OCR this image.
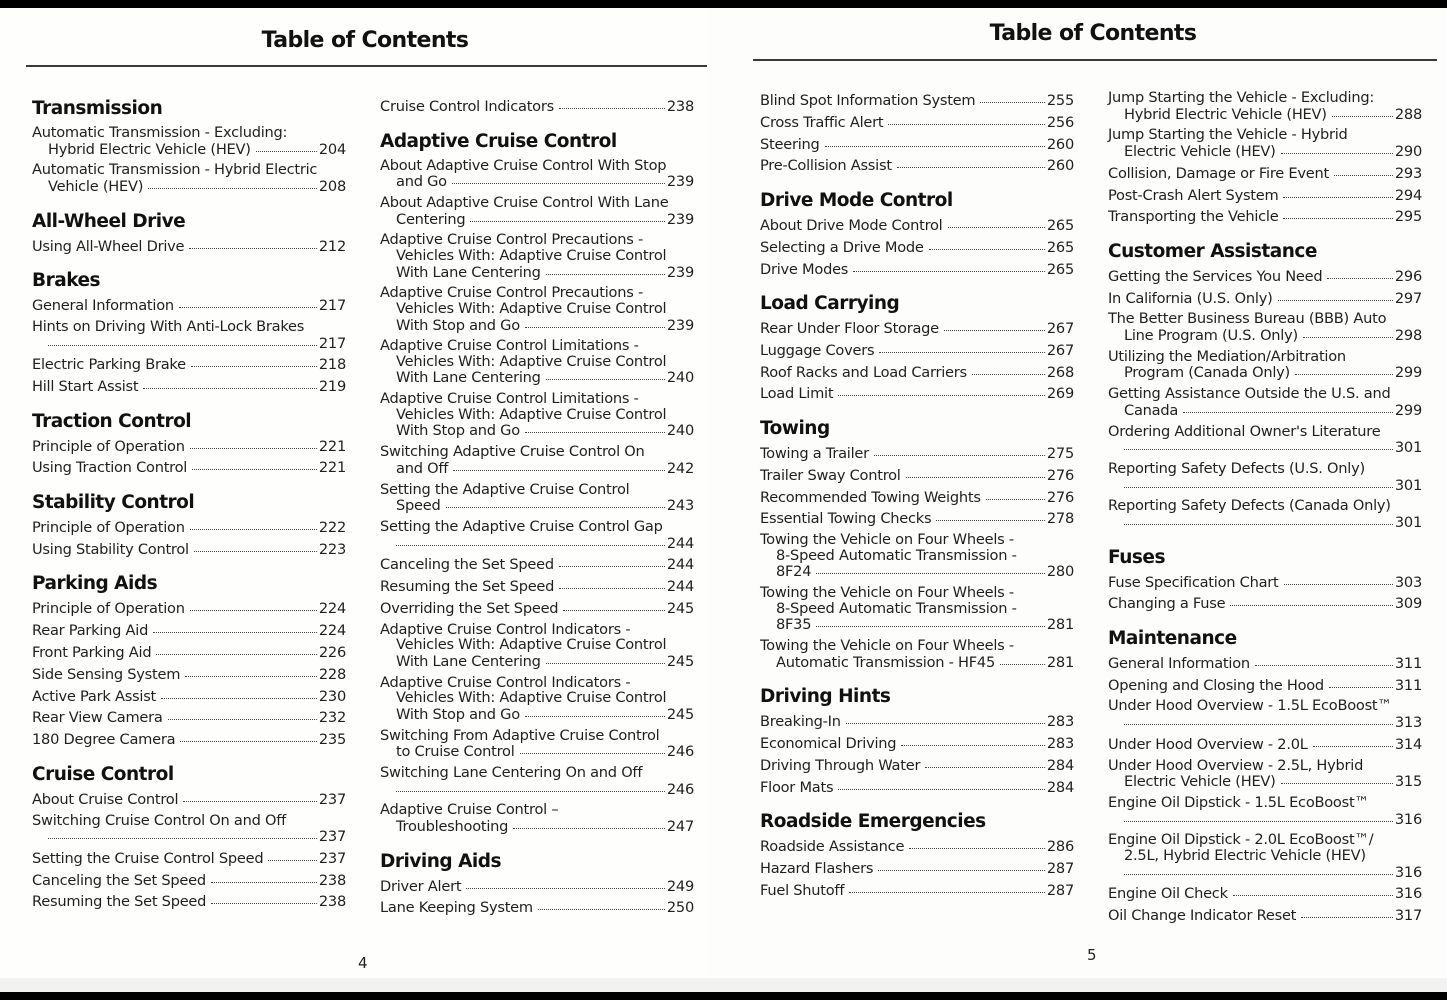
Table of Contents
Transmission
Automatic Transmission - Excluding:
Hybrid Electric Vehicle (HEV)	204
Automatic Transmission - Hybrid Electric
Vehicle (HEV)	208
All-Wheel Drive
Using All-Wheel Drive	212
Brakes
General Information	217
Hints on Driving With Anti-Lock Brakes
217
Electric Parking Brake	218
Hill Start Assist	219
Traction Control
Principle of Operation	221
Using Traction Control	221
Stability Control
Principle of Operation	222
Using Stability Control	223
Parking Aids
Principle of Operation	224
Rear Parking Aid	224
Front Parking Aid	226
Side Sensing System	228
Active Park Assist	230
Rear View Camera	232
180 Degree Camera	235
Cruise Control
About Cruise Control	237
Switching Cruise Control On and Off
237
Setting the Cruise Control Speed	237
Canceling the Set Speed	238
Resuming the Set Speed	238
Cruise Control Indicators	238
Adaptive Cruise Control
About Adaptive Cruise Control With Stop
and Go	239
About Adaptive Cruise Control With Lane
Centering	239
Adaptive Cruise Control Precautions -
Vehicles With: Adaptive Cruise Control
With Lane Centering	239
Adaptive Cruise Control Precautions -
Vehicles With: Adaptive Cruise Control
With Stop and Go	239
Adaptive Cruise Control Limitations -
Vehicles With: Adaptive Cruise Control
With Lane Centering	240
Adaptive Cruise Control Limitations -
Vehicles With: Adaptive Cruise Control
With Stop and Go	240
Switching Adaptive Cruise Control On
and Off	242
Setting the Adaptive Cruise Control
Speed	243
Setting the Adaptive Cruise Control Gap
244
Canceling the Set Speed	244
Resuming the Set Speed	244
Overriding the Set Speed	245
Adaptive Cruise Control Indicators -
Vehicles With: Adaptive Cruise Control
With Lane Centering	245
Adaptive Cruise Control Indicators -
Vehicles With: Adaptive Cruise Control
With Stop and Go	245
Switching From Adaptive Cruise Control
to Cruise Control	246
Switching Lane Centering On and Off
246
Adaptive Cruise Control –
Troubleshooting	247
Driving Aids
Driver Alert	249
Lane Keeping System	250
4
Table of Contents
Blind Spot Information System	255
Cross Traffic Alert	256
Steering	260
Pre-Collision Assist	260
Drive Mode Control
About Drive Mode Control	265
Selecting a Drive Mode	265
Drive Modes	265
Load Carrying
Rear Under Floor Storage	267
Luggage Covers	267
Roof Racks and Load Carriers	268
Load Limit	269
Towing
Towing a Trailer	275
Trailer Sway Control	276
Recommended Towing Weights	276
Essential Towing Checks	278
Towing the Vehicle on Four Wheels -
8-Speed Automatic Transmission -
8F24	280
Towing the Vehicle on Four Wheels -
8-Speed Automatic Transmission -
8F35	281
Towing the Vehicle on Four Wheels -
Automatic Transmission - HF45	281
Driving Hints
Breaking-In	283
Economical Driving	283
Driving Through Water	284
Floor Mats	284
Roadside Emergencies
Roadside Assistance	286
Hazard Flashers	287
Fuel Shutoff	287
Jump Starting the Vehicle - Excluding:
Hybrid Electric Vehicle (HEV)	288
Jump Starting the Vehicle - Hybrid
Electric Vehicle (HEV)	290
Collision, Damage or Fire Event	293
Post-Crash Alert System	294
Transporting the Vehicle	295
Customer Assistance
Getting the Services You Need	296
In California (U.S. Only)	297
The Better Business Bureau (BBB) Auto
Line Program (U.S. Only)	298
Utilizing the Mediation/Arbitration
Program (Canada Only)	299
Getting Assistance Outside the U.S. and
Canada	299
Ordering Additional Owner's Literature
301
Reporting Safety Defects (U.S. Only)
301
Reporting Safety Defects (Canada Only)
301
Fuses
Fuse Specification Chart	303
Changing a Fuse	309
Maintenance
General Information	311
Opening and Closing the Hood	311
Under Hood Overview - 1.5L EcoBoost™
313
Under Hood Overview - 2.0L	314
Under Hood Overview - 2.5L, Hybrid
Electric Vehicle (HEV)	315
Engine Oil Dipstick - 1.5L EcoBoost™
316
Engine Oil Dipstick - 2.0L EcoBoost™/
2.5L, Hybrid Electric Vehicle (HEV)
316
Engine Oil Check	316
Oil Change Indicator Reset	317
5
